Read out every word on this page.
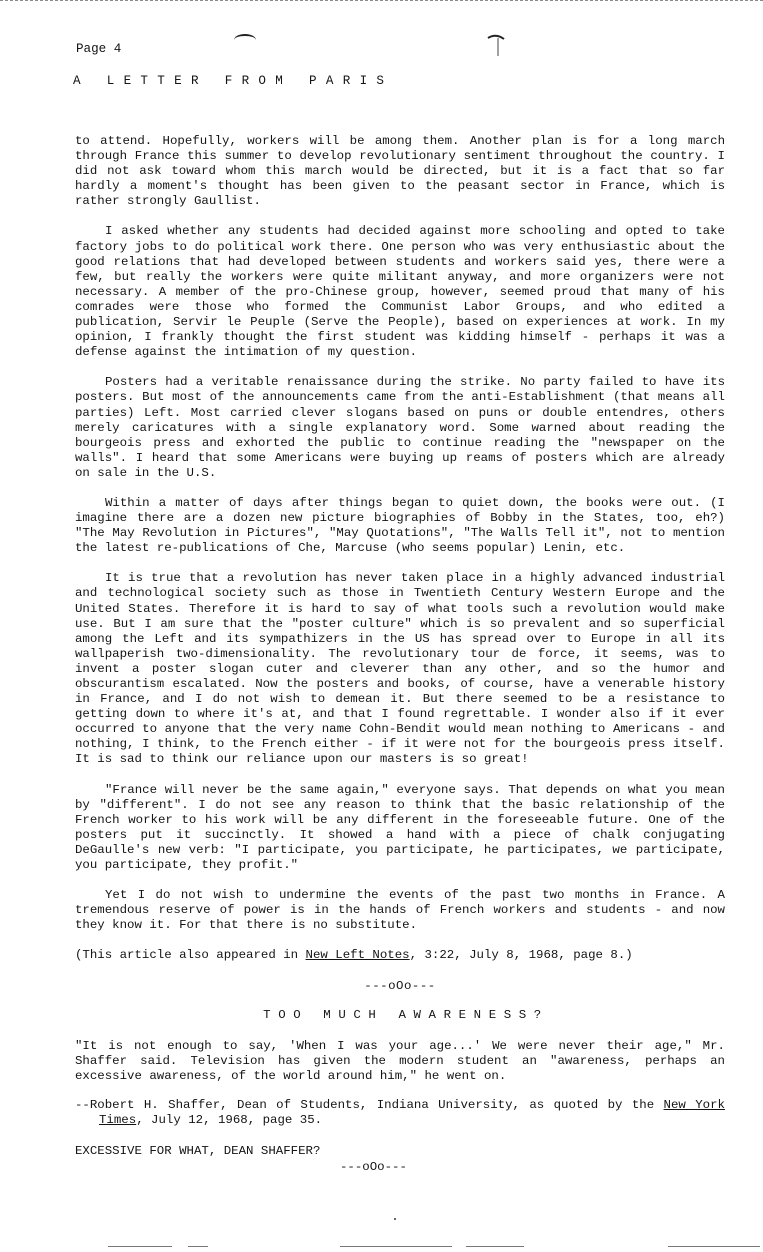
Page 4
A LETTER FROM PARIS

to attend. Hopefully, workers will be among them. Another plan is for a long march through France this summer to develop revolutionary sentiment throughout the country. I did not ask toward whom this march would be directed, but it is a fact that so far hardly a moment's thought has been given to the peasant sector in France, which is rather strongly Gaullist.

I asked whether any students had decided against more schooling and opted to take factory jobs to do political work there. One person who was very enthusiastic about the good relations that had developed between students and workers said yes, there were a few, but really the workers were quite militant anyway, and more organizers were not necessary. A member of the pro-Chinese group, however, seemed proud that many of his comrades were those who formed the Communist Labor Groups, and who edited a publication, Servir le Peuple (Serve the People), based on experiences at work. In my opinion, I frankly thought the first student was kidding himself - perhaps it was a defense against the intimation of my question.

Posters had a veritable renaissance during the strike. No party failed to have its posters. But most of the announcements came from the anti-Establishment (that means all parties) Left. Most carried clever slogans based on puns or double entendres, others merely caricatures with a single explanatory word. Some warned about reading the bourgeois press and exhorted the public to continue reading the "newspaper on the walls". I heard that some Americans were buying up reams of posters which are already on sale in the U.S.

Within a matter of days after things began to quiet down, the books were out. (I imagine there are a dozen new picture biographies of Bobby in the States, too, eh?) "The May Revolution in Pictures", "May Quotations", "The Walls Tell it", not to mention the latest re-publications of Che, Marcuse (who seems popular) Lenin, etc.

It is true that a revolution has never taken place in a highly advanced industrial and technological society such as those in Twentieth Century Western Europe and the United States. Therefore it is hard to say of what tools such a revolution would make use. But I am sure that the "poster culture" which is so prevalent and so superficial among the Left and its sympathizers in the US has spread over to Europe in all its wallpaperish two-dimensionality. The revolutionary tour de force, it seems, was to invent a poster slogan cuter and cleverer than any other, and so the humor and obscurantism escalated. Now the posters and books, of course, have a venerable history in France, and I do not wish to demean it. But there seemed to be a resistance to getting down to where it's at, and that I found regrettable. I wonder also if it ever occurred to anyone that the very name Cohn-Bendit would mean nothing to Americans - and nothing, I think, to the French either - if it were not for the bourgeois press itself. It is sad to think our reliance upon our masters is so great!

"France will never be the same again," everyone says. That depends on what you mean by "different". I do not see any reason to think that the basic relationship of the French worker to his work will be any different in the foreseeable future. One of the posters put it succinctly. It showed a hand with a piece of chalk conjugating DeGaulle's new verb: "I participate, you participate, he participates, we participate, you participate, they profit."

Yet I do not wish to undermine the events of the past two months in France. A tremendous reserve of power is in the hands of French workers and students - and now they know it. For that there is no substitute.

(This article also appeared in New Left Notes, 3:22, July 8, 1968, page 8.)

---oOo---
TOO MUCH AWARENESS?

"It is not enough to say, 'When I was your age...' We were never their age," Mr. Shaffer said. Television has given the modern student an "awareness, perhaps an excessive awareness, of the world around him," he went on.

--Robert H. Shaffer, Dean of Students, Indiana University, as quoted by the New York Times, July 12, 1968, page 35.

EXCESSIVE FOR WHAT, DEAN SHAFFER?

---oOo---
